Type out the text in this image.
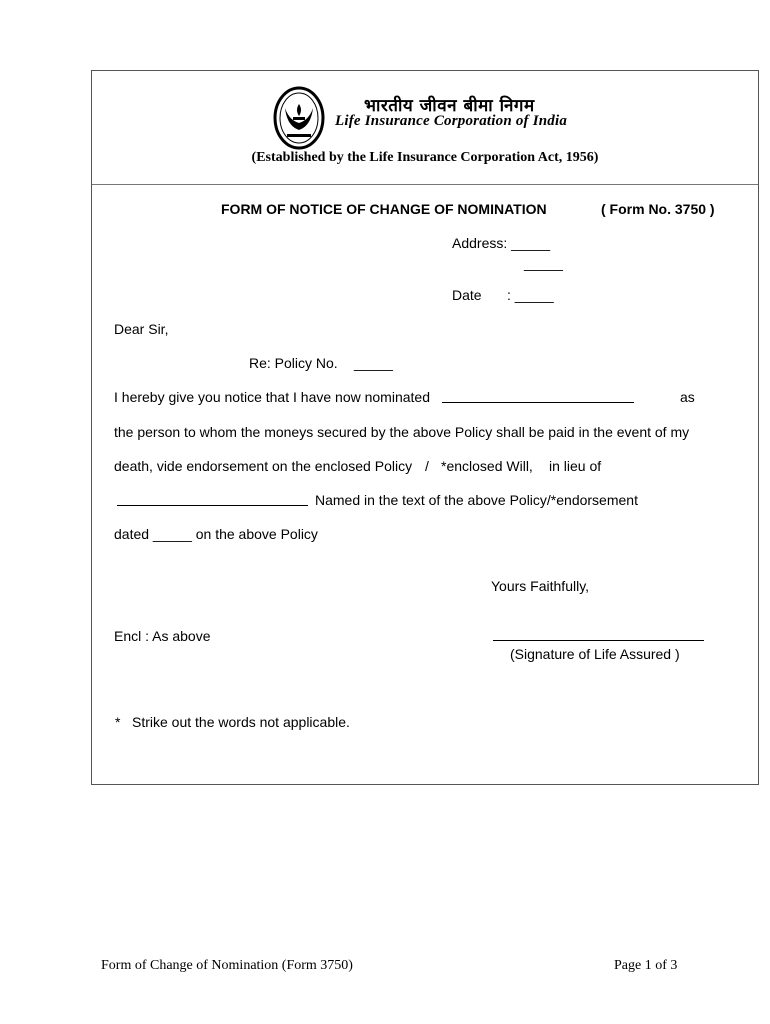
भारतीय जीवन बीमा निगम
Life Insurance Corporation of India
(Established by the Life Insurance Corporation Act, 1956)
FORM OF NOTICE OF CHANGE OF NOMINATION	( Form No. 3750 )
Address: _____
_____
Date : _____
Dear Sir,
Re: Policy No. _____
I hereby give you notice that I have now nominated	as
the person to whom the moneys secured by the above Policy shall be paid in the event of my
death, vide endorsement on the enclosed Policy / *enclosed Will, in lieu of
Named in the text of the above Policy/*endorsement
dated _____ on the above Policy
Yours Faithfully,
Encl : As above
(Signature of Life Assured )
* Strike out the words not applicable.
Form of Change of Nomination (Form 3750)	Page 1 of 3
